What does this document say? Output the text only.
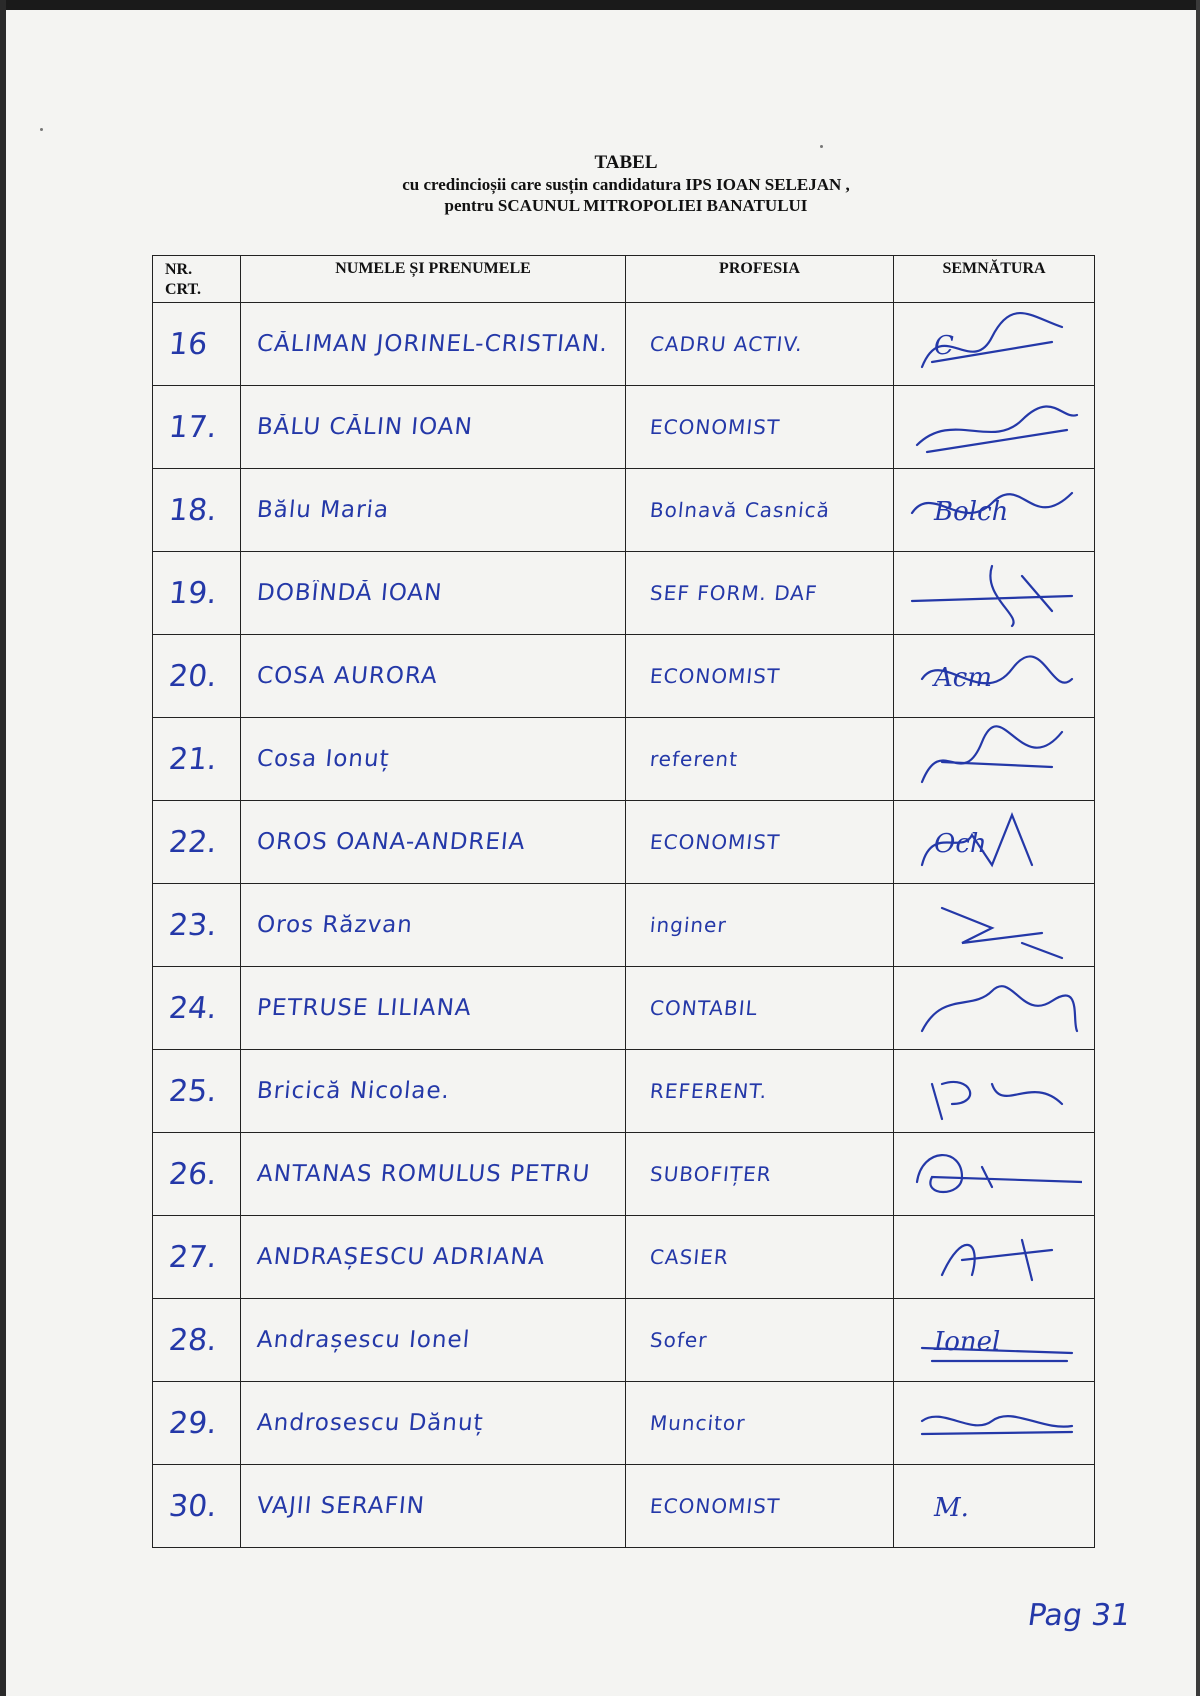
TABEL
cu credincioșii care susțin candidatura IPS IOAN SELEJAN ,
pentru SCAUNUL MITROPOLIEI BANATULUI
NR.
CRT.	NUMELE ȘI PRENUMELE	PROFESIA	SEMNĂTURA

16	CĂLIMAN JORINEL-CRISTIAN.	CADRU ACTIV.	C

17.	BĂLU CĂLIN IOAN	ECONOMIST

18.	Bălu Maria	Bolnavă Casnică	Bolch

19.	DOBÎNDĂ IOAN	SEF FORM. DAF

20.	COSA AURORA	ECONOMIST	Acm

21.	Cosa Ionuț	referent

22.	OROS OANA-ANDREIA	ECONOMIST	Och

23.	Oros Răzvan	inginer

24.	PETRUSE LILIANA	CONTABIL

25.	Bricică Nicolae.	REFERENT.

26.	ANTANAS ROMULUS PETRU	SUBOFIȚER

27.	ANDRAȘESCU ADRIANA	CASIER

28.	Andrașescu Ionel	Sofer	Ionel

29.	Androsescu Dănuț	Muncitor

30.	VAJII SERAFIN	ECONOMIST	M.
Pag 31
